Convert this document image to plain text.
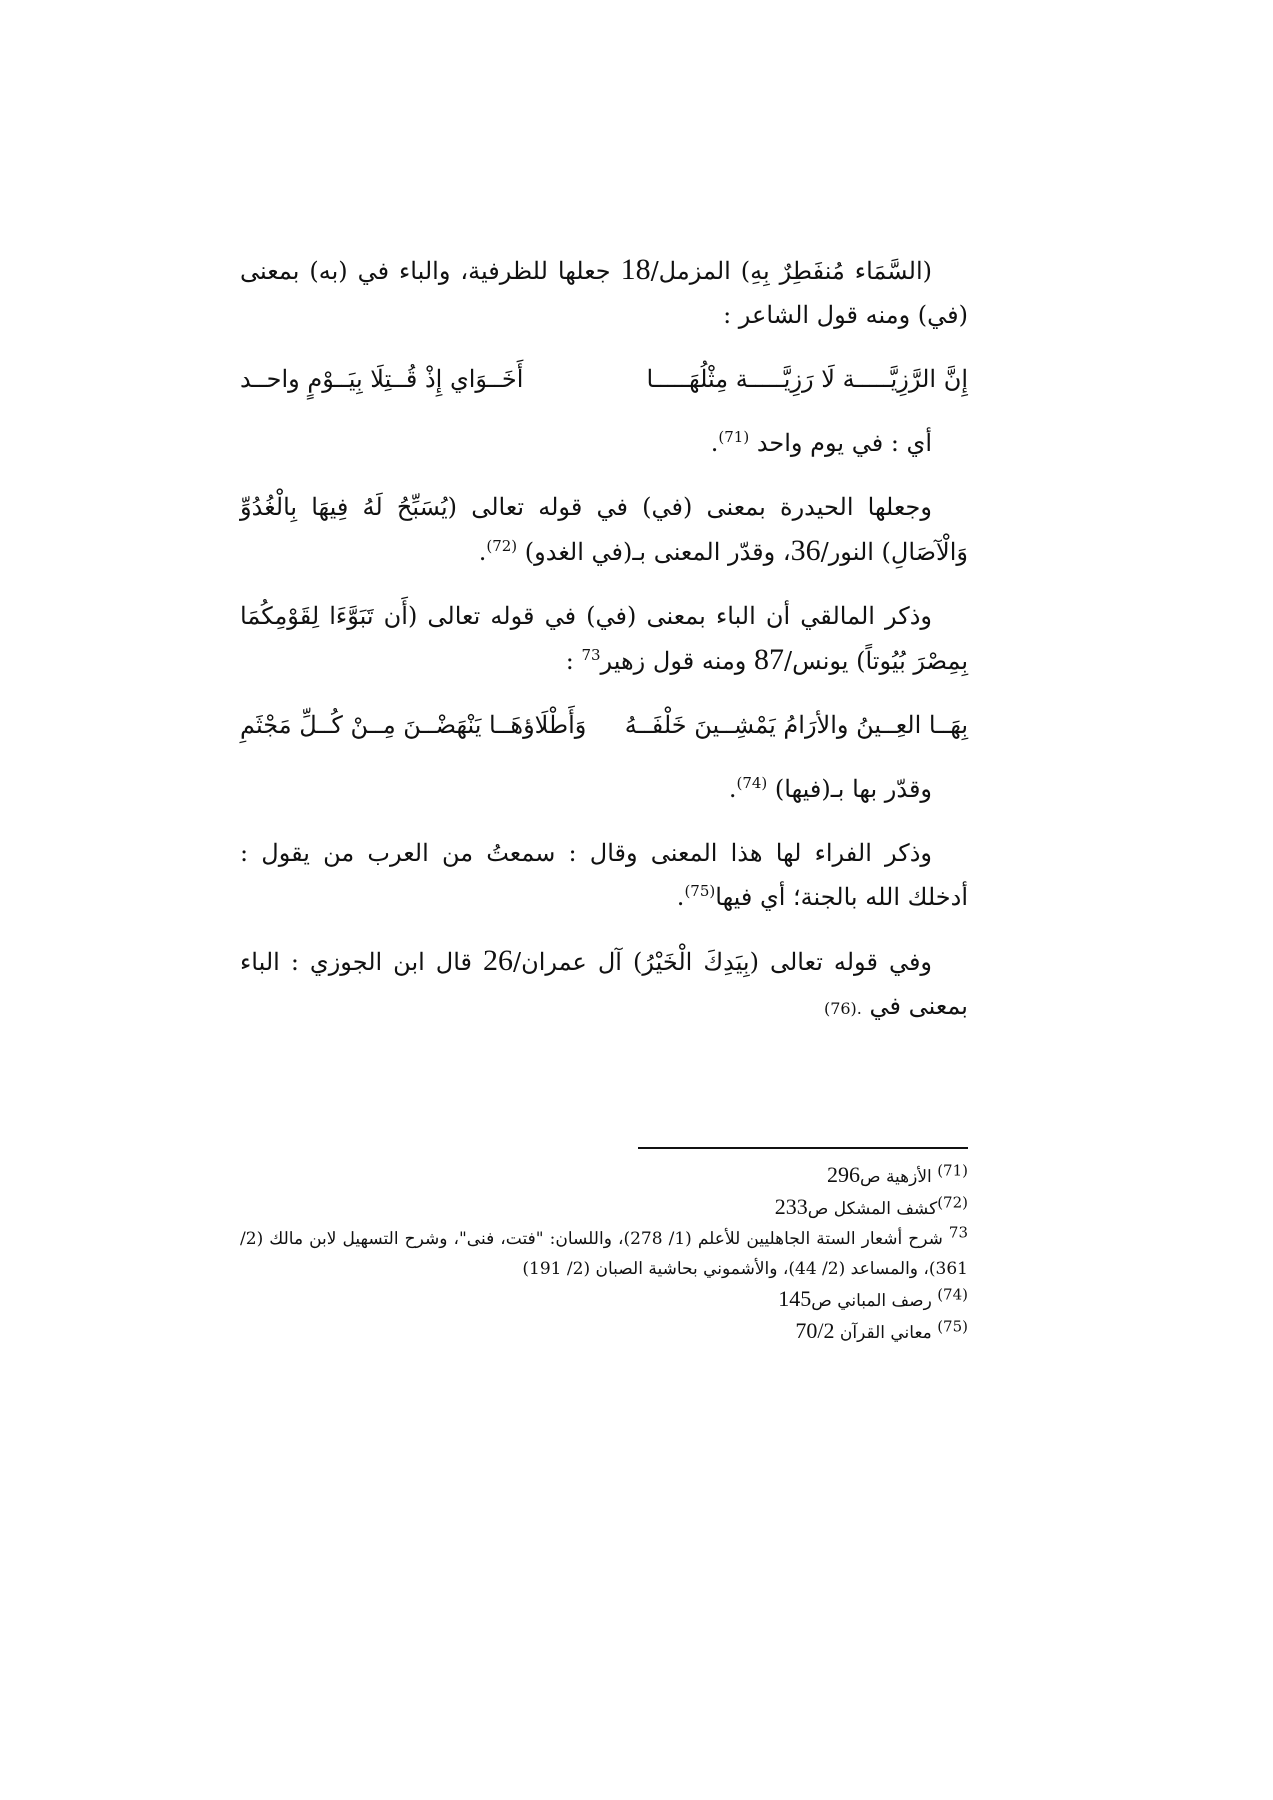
(السَّمَاء مُنفَطِرٌ بِهِ) المزمل/18 جعلها للظرفية، والباء في (به) بمعنى (في) ومنه قول الشاعر :

إِنَّ الرَّزِيَّـــــة لَا رَزِيَّـــــة مِثْلُهَـــــا
أَخَــوَاي إِذْ قُــتِلَا بِيَــوْمٍ واحــد

أي : في يوم واحد $^{(71)}$.

وجعلها الحيدرة بمعنى (في) في قوله تعالى (يُسَبِّحُ لَهُ فِيهَا بِالْغُدُوِّ وَالْآصَالِ) النور/36، وقدّر المعنى بـ(في الغدو) $^{(72)}$.

وذكر المالقي أن الباء بمعنى (في) في قوله تعالى (أَن تَبَوَّءَا لِقَوْمِكُمَا بِمِصْرَ بُيُوتاً) يونس/87 ومنه قول زهير$^{73}$ :

بِهَــا العِــينُ والأرَامُ يَمْشِــينَ خَلْفَــهُ
وَأَطْلَاؤهَــا يَنْهَضْــنَ مِــنْ كُــلِّ مَجْثَمِ

وقدّر بها بـ(فيها) $^{(74)}$.

وذكر الفراء لها هذا المعنى وقال : سمعتُ من العرب من يقول : أدخلك الله بالجنة؛ أي فيها$^{(75)}$.

وفي قوله تعالى (بِيَدِكَ الْخَيْرُ) آل عمران/26 قال ابن الجوزي : الباء بمعنى في .(76)

(71) الأزهية ص296
(72)كشف المشكل ص233
73 شرح أشعار الستة الجاهليين للأعلم (1/ 278)، واللسان: "فتت، فنى"، وشرح التسهيل لابن مالك (2/ 361)، والمساعد (2/ 44)، والأشموني بحاشية الصبان (2/ 191)
(74) رصف المباني ص145
(75) معاني القرآن 70/2
